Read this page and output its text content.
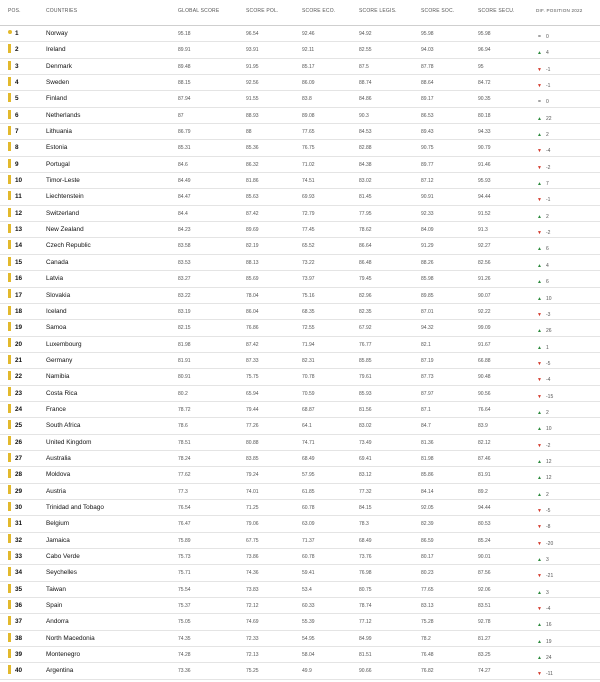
POS.	COUNTRIES	GLOBAL SCORE	SCORE POL.	SCORE ECO.	SCORE LEGIS.	SCORE SOC.	SCORE SECU.	DIF. POSITION 2022
1	Norway	95.18	96.54	92.46	94.92	95.98	95.98	= 0
2	Ireland	89.91	93.91	92.11	82.55	94.03	96.94	▲ 4
3	Denmark	89.48	91.95	85.17	87.5	87.78	95	▼ -1
4	Sweden	88.15	92.56	86.09	88.74	88.64	84.72	▼ -1
5	Finland	87.94	91.55	83.8	84.86	89.17	90.35	= 0
6	Netherlands	87	88.93	89.08	90.3	86.53	80.18	▲ 22
7	Lithuania	86.79	88	77.65	84.53	89.43	94.33	▲ 2
8	Estonia	85.31	85.36	76.75	82.88	90.75	90.79	▼ -4
9	Portugal	84.6	86.32	71.02	84.38	89.77	91.46	▼ -2
10	Timor-Leste	84.49	81.86	74.51	83.02	87.12	95.93	▲ 7
11	Liechtenstein	84.47	85.63	69.93	81.45	90.91	94.44	▼ -1
12	Switzerland	84.4	87.42	72.79	77.95	92.33	91.52	▲ 2
13	New Zealand	84.23	89.69	77.45	78.62	84.09	91.3	▼ -2
14	Czech Republic	83.58	82.19	65.52	86.64	91.29	92.27	▲ 6
15	Canada	83.53	88.13	73.22	86.48	88.26	82.56	▲ 4
16	Latvia	83.27	85.69	73.97	79.45	85.98	91.26	▲ 6
17	Slovakia	83.22	78.04	75.16	82.96	89.85	90.07	▲ 10
18	Iceland	83.19	86.04	68.35	82.35	87.01	92.22	▼ -3
19	Samoa	82.15	76.86	72.55	67.92	94.32	99.09	▲ 26
20	Luxembourg	81.98	87.42	71.94	76.77	82.1	91.67	▲ 1
21	Germany	81.91	87.33	82.31	85.85	87.19	66.88	▼ -5
22	Namibia	80.91	75.75	70.78	79.61	87.73	90.48	▼ -4
23	Costa Rica	80.2	65.94	70.59	85.93	87.97	90.56	▼ -15
24	France	78.72	79.44	68.87	81.56	87.1	76.64	▲ 2
25	South Africa	78.6	77.26	64.1	83.02	84.7	83.9	▲ 10
26	United Kingdom	78.51	80.88	74.71	73.49	81.36	82.12	▼ -2
27	Australia	78.24	83.85	68.49	69.41	81.98	87.46	▲ 12
28	Moldova	77.62	79.24	57.95	83.12	85.86	81.91	▲ 12
29	Austria	77.3	74.01	61.85	77.32	84.14	89.2	▲ 2
30	Trinidad and Tobago	76.54	71.25	60.78	84.15	92.05	94.44	▼ -5
31	Belgium	76.47	79.06	63.09	78.3	82.39	80.53	▼ -8
32	Jamaica	75.89	67.75	71.37	68.49	86.59	85.24	▼ -20
33	Cabo Verde	75.73	73.86	60.78	73.76	80.17	90.01	▲ 3
34	Seychelles	75.71	74.36	59.41	76.98	80.23	87.56	▼ -21
35	Taiwan	75.54	73.83	53.4	80.75	77.65	92.06	▲ 3
36	Spain	75.37	72.12	60.33	78.74	83.13	83.51	▼ -4
37	Andorra	75.05	74.69	55.39	77.12	75.28	92.78	▲ 16
38	North Macedonia	74.35	72.33	54.95	84.99	78.2	81.27	▲ 19
39	Montenegro	74.28	72.13	58.04	81.51	76.48	83.25	▲ 24
40	Argentina	73.36	75.25	49.9	90.66	76.82	74.27	▼ -11
